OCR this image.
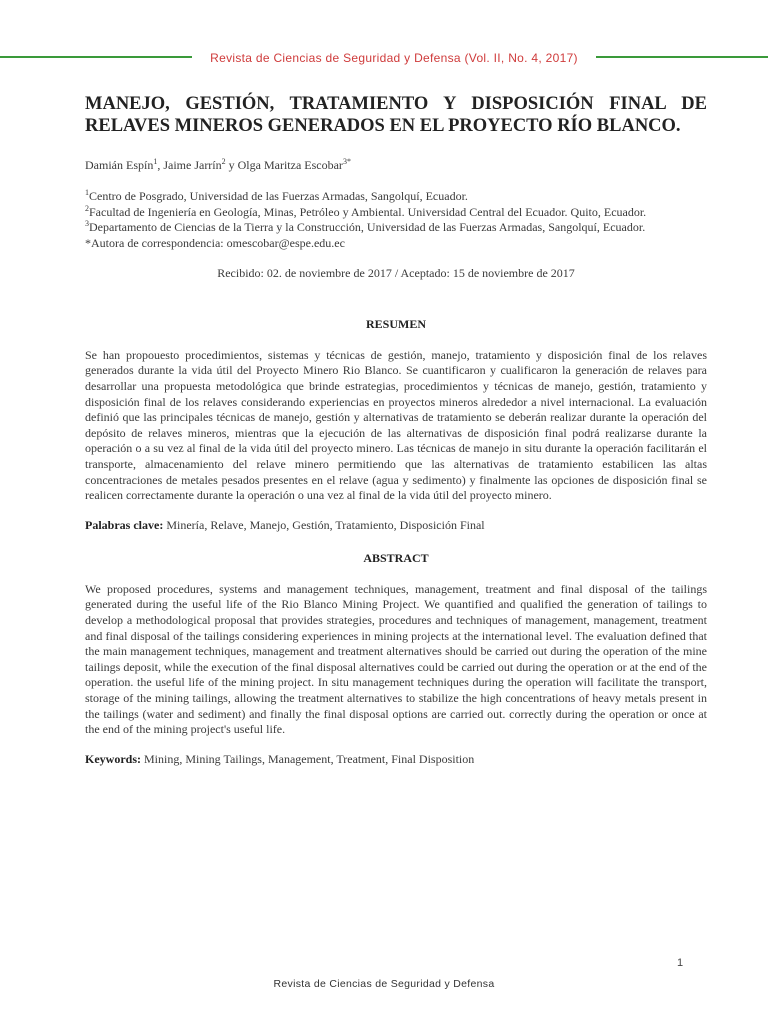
Revista de Ciencias de Seguridad y Defensa (Vol. II, No. 4, 2017)
MANEJO, GESTIÓN, TRATAMIENTO Y DISPOSICIÓN FINAL DE RELAVES MINEROS GENERADOS EN EL PROYECTO RÍO BLANCO.
Damián Espín$^1$, Jaime Jarrín$^2$ y Olga Maritza Escobar$^{3*}$

$^1$Centro de Posgrado, Universidad de las Fuerzas Armadas, Sangolquí, Ecuador.

$^2$Facultad de Ingeniería en Geología, Minas, Petróleo y Ambiental. Universidad Central del Ecuador. Quito, Ecuador.

$^3$Departamento de Ciencias de la Tierra y la Construcción, Universidad de las Fuerzas Armadas, Sangolquí, Ecuador.

*Autora de correspondencia: omescobar@espe.edu.ec

Recibido: 02. de noviembre de 2017 / Aceptado: 15 de noviembre de 2017
RESUMEN

Se han propouesto procedimientos, sistemas y técnicas de gestión, manejo, tratamiento y disposición final de los relaves generados durante la vida útil del Proyecto Minero Rio Blanco. Se cuantificaron y cualificaron la generación de relaves para desarrollar una propuesta metodológica que brinde estrategias, procedimientos y técnicas de manejo, gestión, tratamiento y disposición final de los relaves considerando experiencias en proyectos mineros alrededor a nivel internacional. La evaluación definió que las principales técnicas de manejo, gestión y alternativas de tratamiento se deberán realizar durante la operación del depósito de relaves mineros, mientras que la ejecución de las alternativas de disposición final podrá realizarse durante la operación o a su vez al final de la vida útil del proyecto minero. Las técnicas de manejo in situ durante la operación facilitarán el transporte, almacenamiento del relave minero permitiendo que las alternativas de tratamiento estabilicen las altas concentraciones de metales pesados presentes en el relave (agua y sedimento) y finalmente las opciones de disposición final se realicen correctamente durante la operación o una vez al final de la vida útil del proyecto minero.

Palabras clave: Minería, Relave, Manejo, Gestión, Tratamiento, Disposición Final
ABSTRACT

We proposed procedures, systems and management techniques, management, treatment and final disposal of the tailings generated during the useful life of the Rio Blanco Mining Project. We quantified and qualified the generation of tailings to develop a methodological proposal that provides strategies, procedures and techniques of management, management, treatment and final disposal of the tailings considering experiences in mining projects at the international level. The evaluation defined that the main management techniques, management and treatment alternatives should be carried out during the operation of the mine tailings deposit, while the execution of the final disposal alternatives could be carried out during the operation or at the end of the operation. the useful life of the mining project. In situ management techniques during the operation will facilitate the transport, storage of the mining tailings, allowing the treatment alternatives to stabilize the high concentrations of heavy metals present in the tailings (water and sediment) and finally the final disposal options are carried out. correctly during the operation or once at the end of the mining project's useful life.

Keywords: Mining, Mining Tailings, Management, Treatment, Final Disposition
1
Revista de Ciencias de Seguridad y Defensa
